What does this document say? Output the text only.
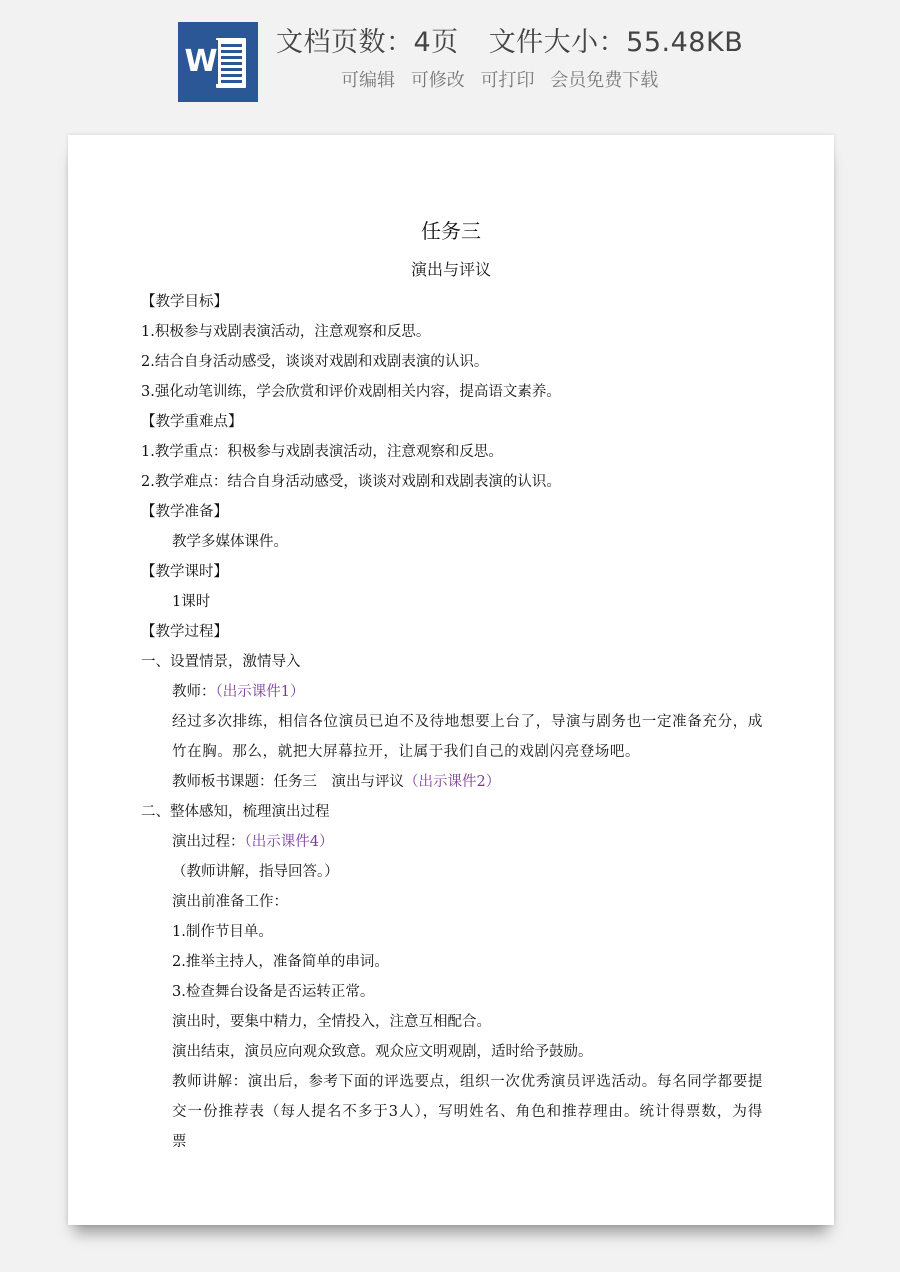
W
文档页数：4页 文件大小：55.48KB
可编辑 可修改 可打印 会员免费下载
任务三
演出与评议
【教学目标】
1.积极参与戏剧表演活动，注意观察和反思。
2.结合自身活动感受，谈谈对戏剧和戏剧表演的认识。
3.强化动笔训练，学会欣赏和评价戏剧相关内容，提高语文素养。
【教学重难点】
1.教学重点：积极参与戏剧表演活动，注意观察和反思。
2.教学难点：结合自身活动感受，谈谈对戏剧和戏剧表演的认识。
【教学准备】
教学多媒体课件。
【教学课时】
1课时
【教学过程】
一、设置情景，激情导入
教师：（出示课件1）
经过多次排练，相信各位演员已迫不及待地想要上台了，导演与剧务也一定准备充分，成竹在胸。那么，就把大屏幕拉开，让属于我们自己的戏剧闪亮登场吧。
教师板书课题：任务三　演出与评议（出示课件2）
二、整体感知，梳理演出过程
演出过程：（出示课件4）
（教师讲解，指导回答。）
演出前准备工作：
1.制作节目单。
2.推举主持人，准备简单的串词。
3.检查舞台设备是否运转正常。
演出时，要集中精力，全情投入，注意互相配合。
演出结束，演员应向观众致意。观众应文明观剧，适时给予鼓励。
教师讲解：演出后，参考下面的评选要点，组织一次优秀演员评选活动。每名同学都要提交一份推荐表（每人提名不多于3人），写明姓名、角色和推荐理由。统计得票数，为得票
